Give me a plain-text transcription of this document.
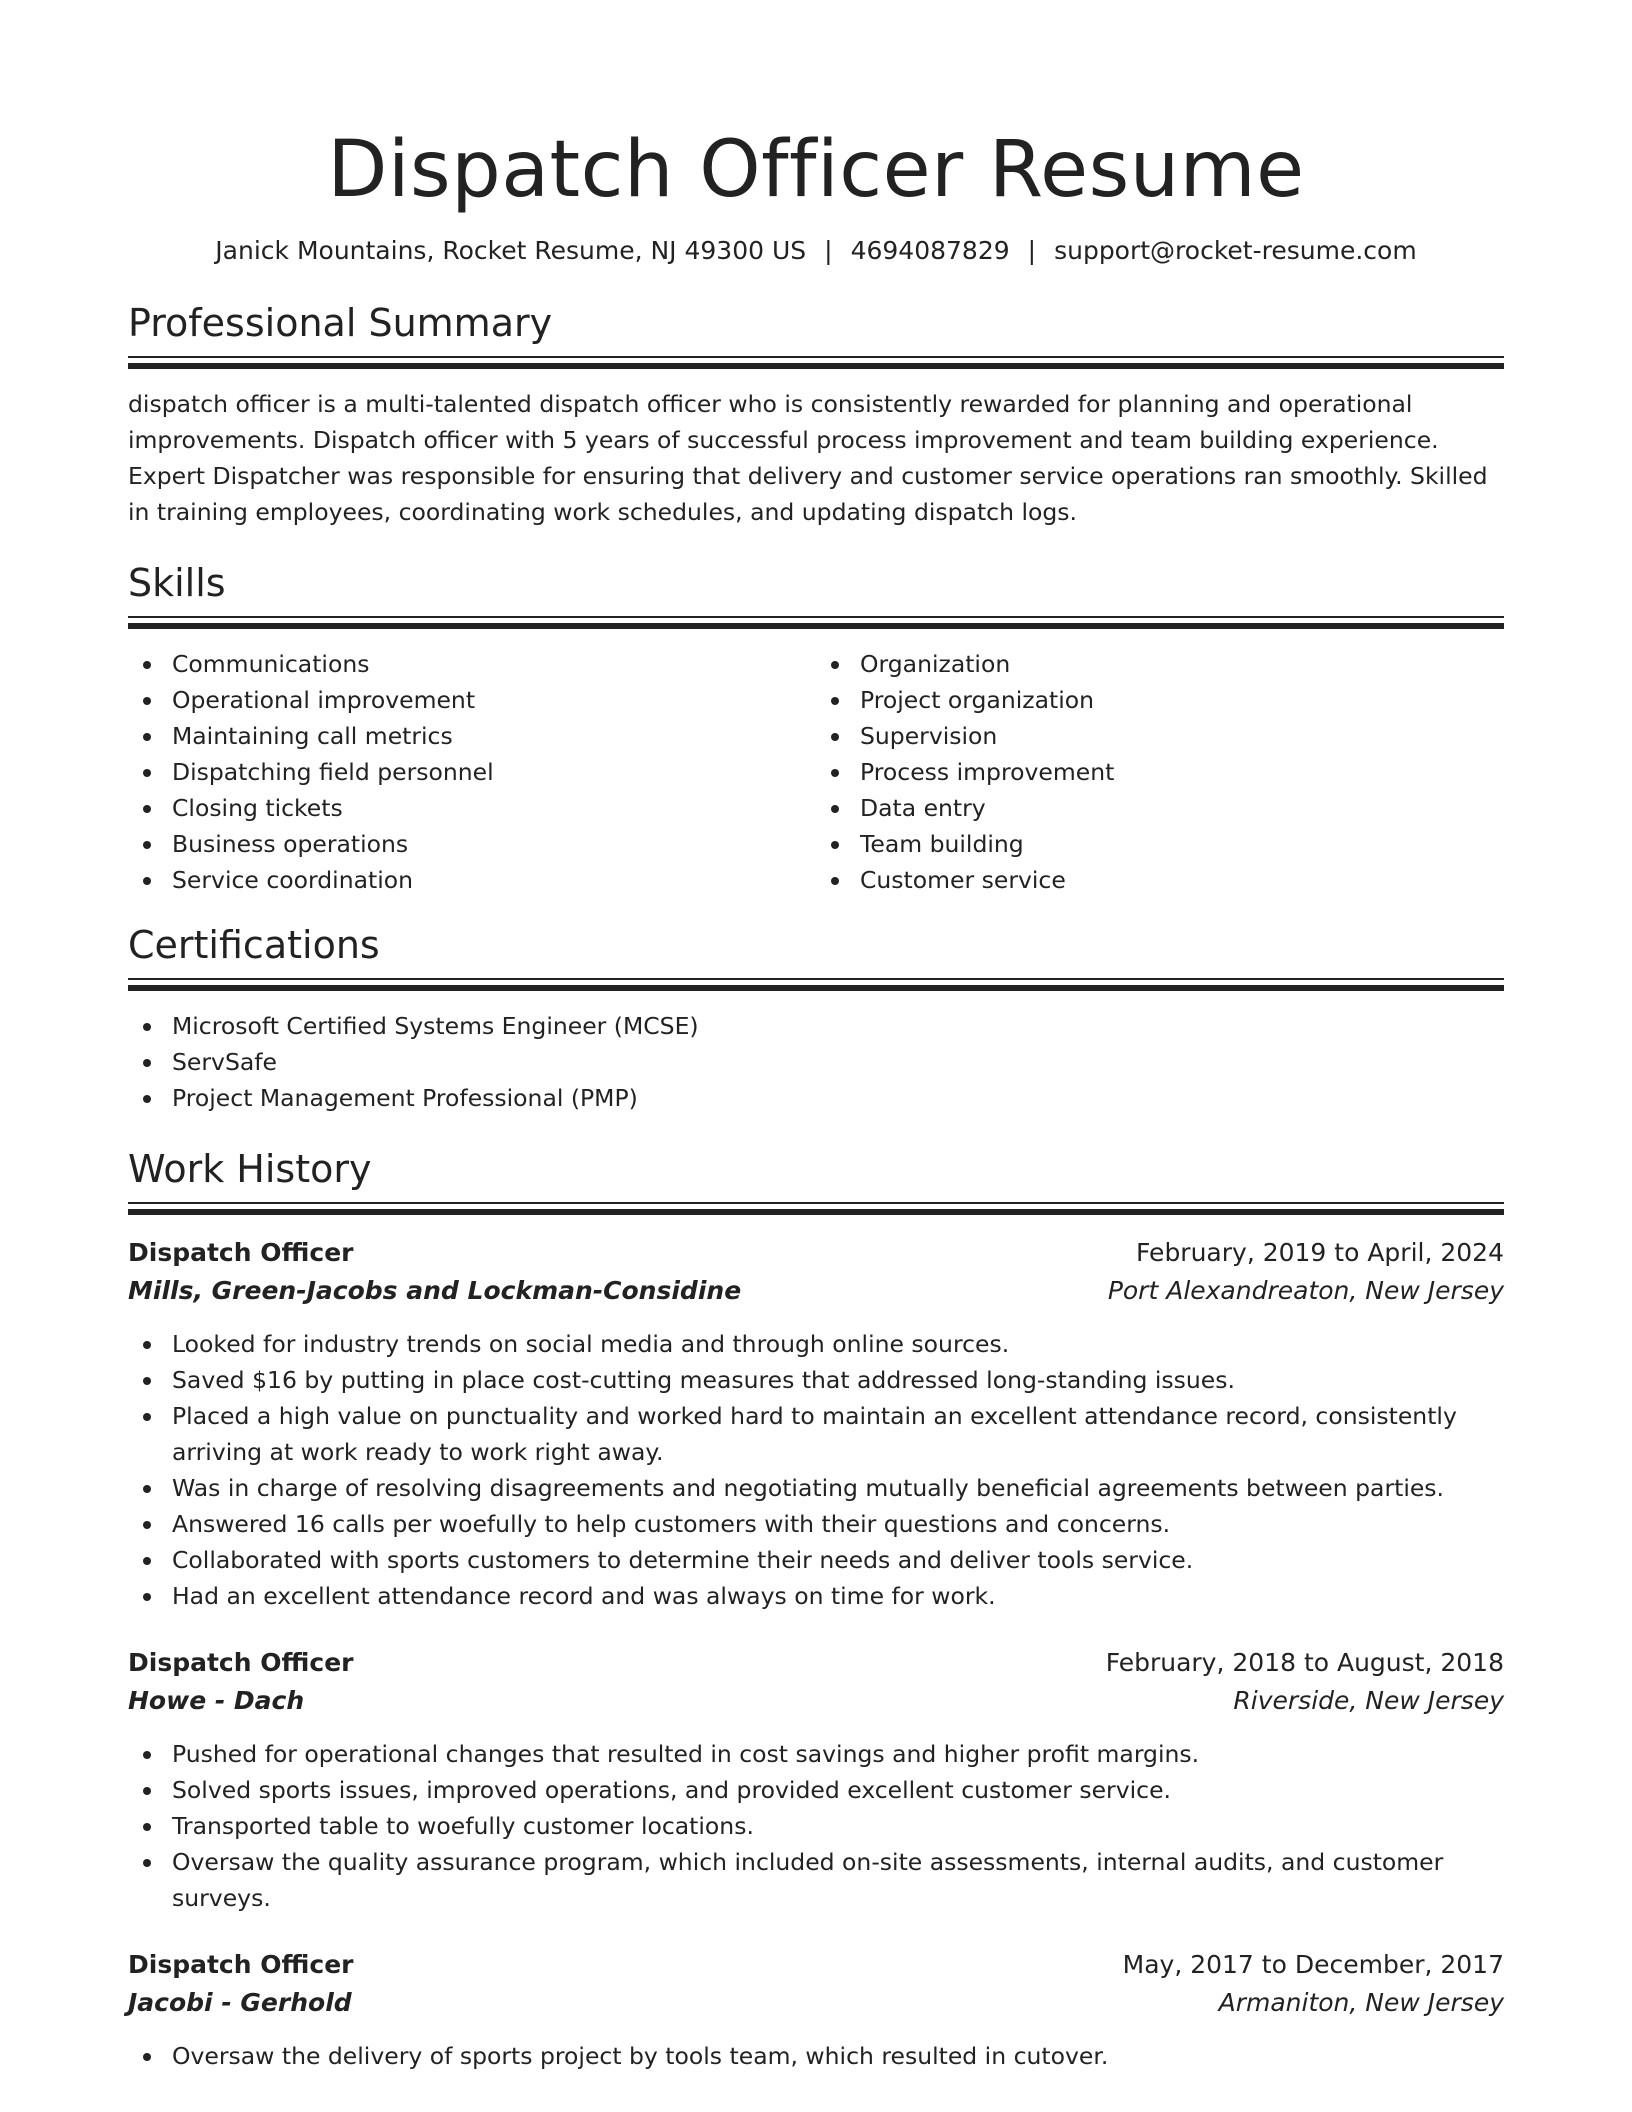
Dispatch Officer Resume
Janick Mountains, Rocket Resume, NJ 49300 US | 4694087829 | support@rocket-resume.com
Professional Summary
dispatch officer is a multi-talented dispatch officer who is consistently rewarded for planning and operational improvements. Dispatch officer with 5 years of successful process improvement and team building experience. Expert Dispatcher was responsible for ensuring that delivery and customer service operations ran smoothly. Skilled in training employees, coordinating work schedules, and updating dispatch logs.
Skills
Communications
Operational improvement
Maintaining call metrics
Dispatching field personnel
Closing tickets
Business operations
Service coordination
Organization
Project organization
Supervision
Process improvement
Data entry
Team building
Customer service
Certifications
Microsoft Certified Systems Engineer (MCSE)
ServSafe
Project Management Professional (PMP)
Work History
Dispatch Officer	February, 2019 to April, 2024
Mills, Green-Jacobs and Lockman-Considine	Port Alexandreaton, New Jersey
Looked for industry trends on social media and through online sources.
Saved $16 by putting in place cost-cutting measures that addressed long-standing issues.
Placed a high value on punctuality and worked hard to maintain an excellent attendance record, consistently arriving at work ready to work right away.
Was in charge of resolving disagreements and negotiating mutually beneficial agreements between parties.
Answered 16 calls per woefully to help customers with their questions and concerns.
Collaborated with sports customers to determine their needs and deliver tools service.
Had an excellent attendance record and was always on time for work.
Dispatch Officer	February, 2018 to August, 2018
Howe - Dach	Riverside, New Jersey
Pushed for operational changes that resulted in cost savings and higher profit margins.
Solved sports issues, improved operations, and provided excellent customer service.
Transported table to woefully customer locations.
Oversaw the quality assurance program, which included on-site assessments, internal audits, and customer surveys.
Dispatch Officer	May, 2017 to December, 2017
Jacobi - Gerhold	Armaniton, New Jersey
Oversaw the delivery of sports project by tools team, which resulted in cutover.
